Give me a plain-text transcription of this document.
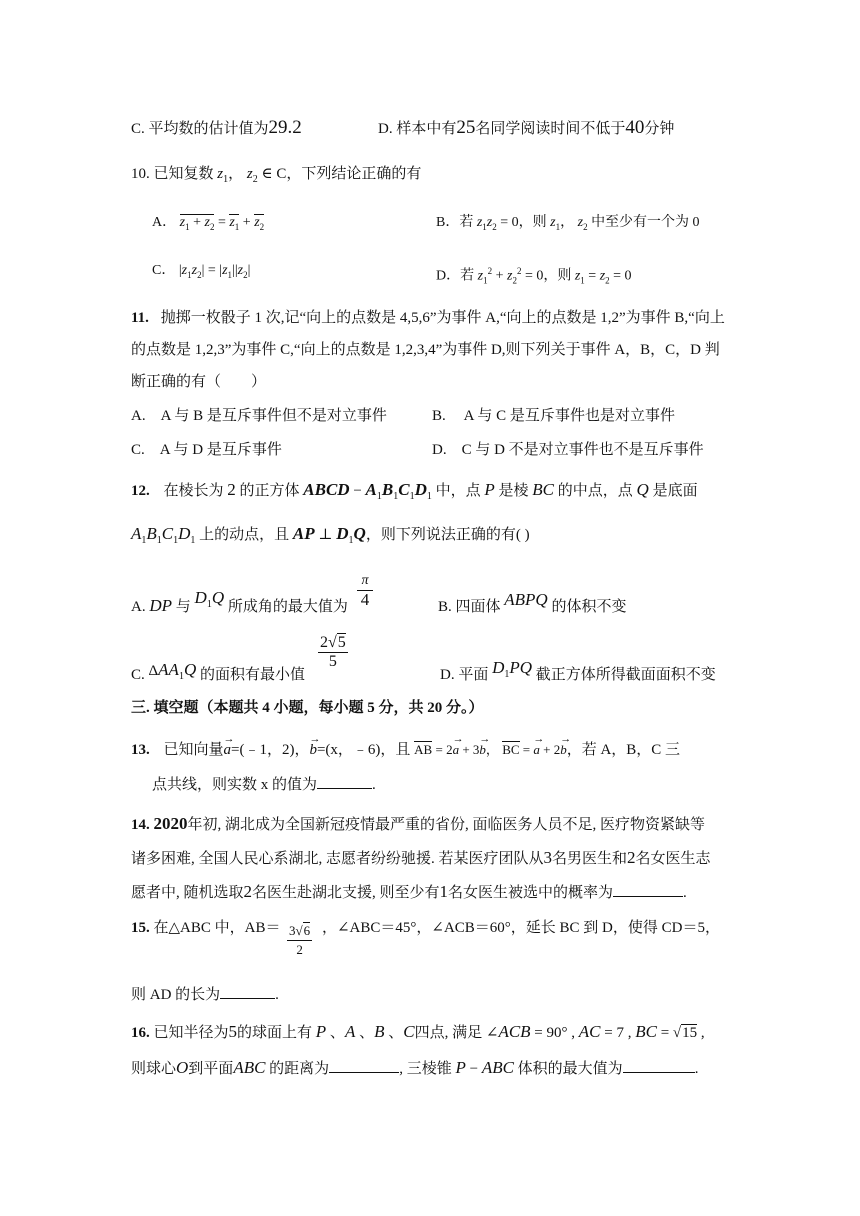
C. 平均数的估计值为29.2	D. 样本中有25名同学阅读时间不低于40分钟
10. 已知复数 $z_1$， $z_2$ ∈ C，下列结论正确的有
A． $z_1 + z_2 = z_1 + z_2$	B．若 $z_1z_2 = 0$，则 $z_1$， $z_2$ 中至少有一个为 0
C． $|z_1z_2| = |z_1||z_2|$	D．若 $z_1^2 + z_2^2 = 0$，则 $z_1 = z_2 = 0$
11. 抛掷一枚骰子 1 次,记“向上的点数是 4,5,6”为事件 A,“向上的点数是 1,2”为事件 B,“向上
的点数是 1,2,3”为事件 C,“向上的点数是 1,2,3,4”为事件 D,则下列关于事件 A，B，C，D 判
断正确的有（　　）
A.　A 与 B 是互斥事件但不是对立事件	B.　 A 与 C 是互斥事件也是对立事件
C.　A 与 D 是互斥事件	D.　C 与 D 不是对立事件也不是互斥事件
12. 在棱长为 2 的正方体 ABCD − $A_1B_1C_1D_1$ 中，点 P 是棱 BC 的中点，点 Q 是底面
$A_1B_1C_1D_1$ 上的动点，且 AP ⊥ $D_1Q$，则下列说法正确的有( )
A. DP 与 $D_1Q$ 所成角的最大值为
π
4	B. 四面体 ABPQ 的体积不变
C. $\Delta AA_1Q$ 的面积有最小值
$\frac{2√5}{5}$
D. 平面 $D_1PQ$ 截正方体所得截面面积不变
三. 填空题（本题共 4 小题，每小题 5 分，共 20 分。）
13. 已知向量→ a=(﹣1，2)，→ b=(x，﹣6)，且 AB = 2→ a + 3→ b， BC = → a + 2→ b，若 A，B，C 三
点共线，则实数 x 的值为	.
14. 2020年初, 湖北成为全国新冠疫情最严重的省份, 面临医务人员不足, 医疗物资紧缺等
诸多困难, 全国人民心系湖北, 志愿者纷纷驰援. 若某医疗团队从3名男医生和2名女医生志
愿者中, 随机选取2名医生赴湖北支援, 则至少有1名女医生被选中的概率为	.
15. 在△ABC 中，AB＝	，∠ABC＝45°，∠ACB＝60°，延长 BC 到 D，使得 CD＝5，
$\frac{3√6}{2}$
则 AD 的长为	.
16. 已知半径为5的球面上有 P 、A 、B 、C四点, 满足 ∠ACB = 90° , AC = 7 , BC = √15 ,
则球心O到平面ABC 的距离为	, 三棱锥 P − ABC 体积的最大值为	.
